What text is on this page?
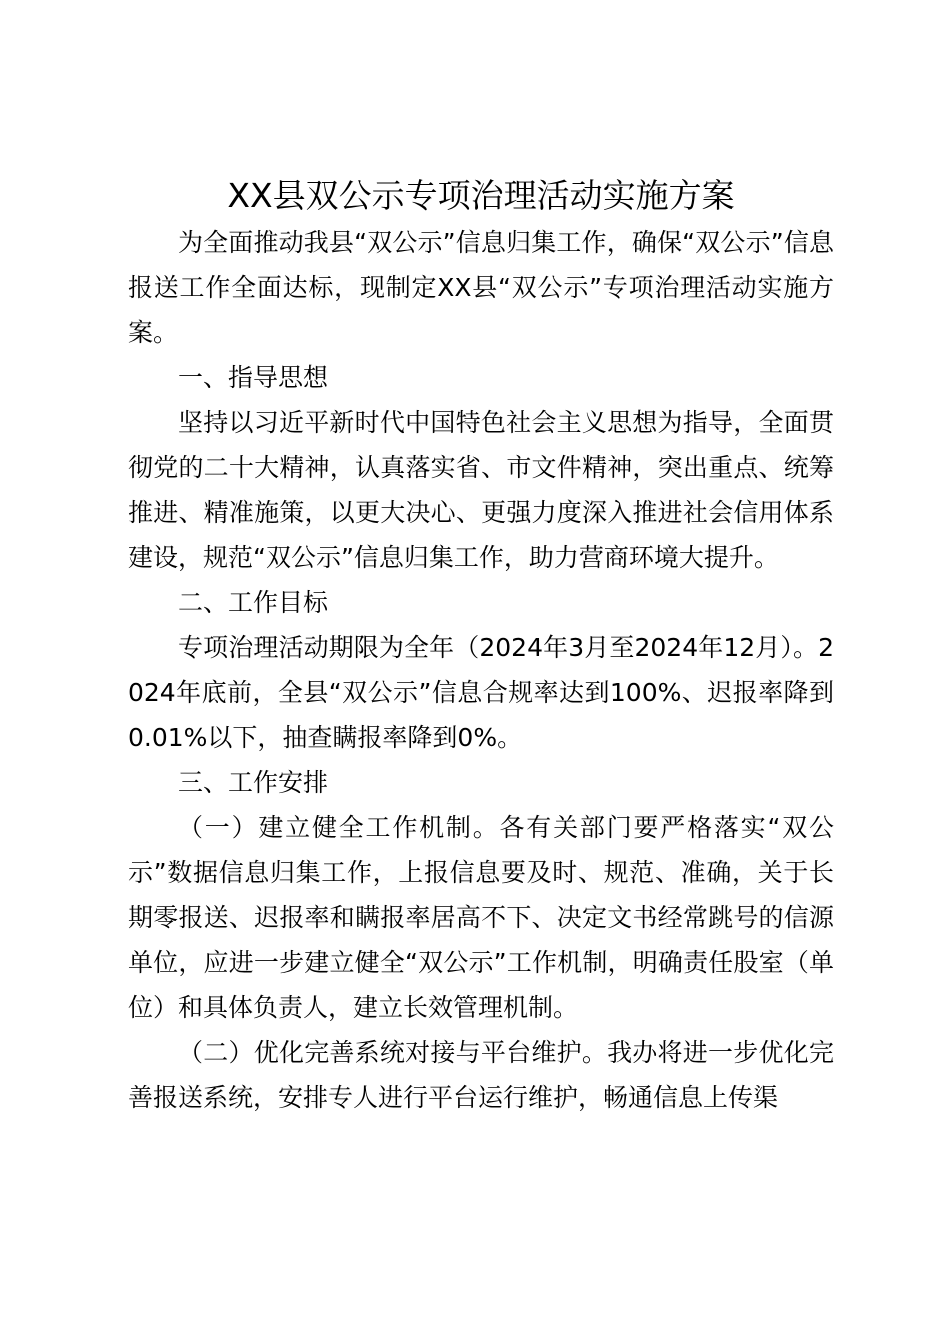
XX县双公示专项治理活动实施方案

为全面推动我县“双公示”信息归集工作，确保“双公示”信息报送工作全面达标，现制定XX县“双公示”专项治理活动实施方案。

一、指导思想

坚持以习近平新时代中国特色社会主义思想为指导，全面贯彻党的二十大精神，认真落实省、市文件精神，突出重点、统筹推进、精准施策，以更大决心、更强力度深入推进社会信用体系建设，规范“双公示”信息归集工作，助力营商环境大提升。

二、工作目标

专项治理活动期限为全年（2024年3月至2024年12月）。2024年底前，全县“双公示”信息合规率达到100%、迟报率降到0.01%以下，抽查瞒报率降到0%。

三、工作安排

（一）建立健全工作机制。各有关部门要严格落实“双公示”数据信息归集工作，上报信息要及时、规范、准确，关于长期零报送、迟报率和瞒报率居高不下、决定文书经常跳号的信源单位，应进一步建立健全“双公示”工作机制，明确责任股室（单位）和具体负责人，建立长效管理机制。

（二）优化完善系统对接与平台维护。我办将进一步优化完善报送系统，安排专人进行平台运行维护，畅通信息上传渠
